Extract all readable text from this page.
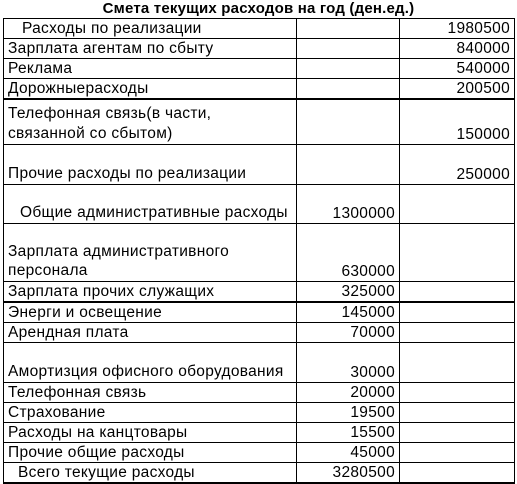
Смета текущих расходов на год (ден.ед.)
Расходы по реализации		1980500
Зарплата агентам по сбыту		840000
Реклама		540000
Дорожныерасходы		200500
Телефонная связь(в части, связанной со сбытом)		150000
Прочие расходы по реализации		250000
Общие административные расходы	1300000	
Зарплата административного персонала	630000	
Зарплата прочих служащих	325000	
Энерги и освещение	145000	
Арендная плата	70000	
Амортизция офисного оборудования	30000	
Телефонная связь	20000	
Страхование	19500	
Расходы на канцтовары	15500	
Прочие общие расходы	45000	
Всего текущие расходы	3280500	
